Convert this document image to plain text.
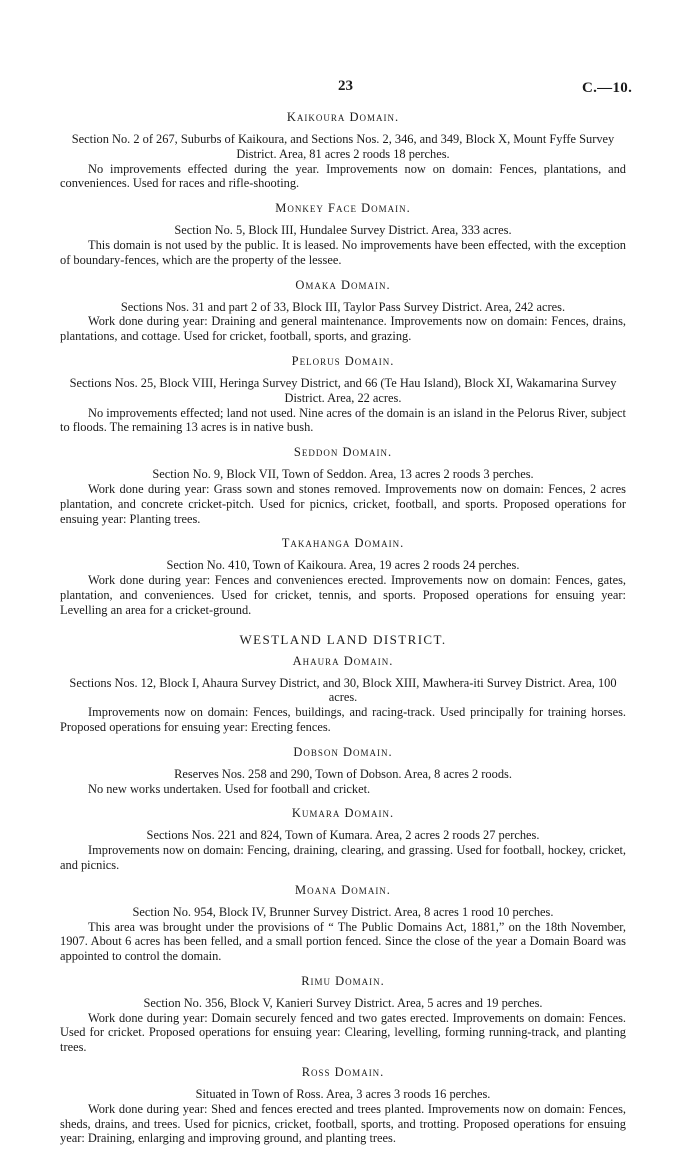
23	C.—10.
Kaikoura Domain.

Section No. 2 of 267, Suburbs of Kaikoura, and Sections Nos. 2, 346, and 349, Block X, Mount Fyffe Survey District. Area, 81 acres 2 roods 18 perches.

No improvements effected during the year. Improvements now on domain: Fences, plantations, and conveniences. Used for races and rifle-shooting.

Monkey Face Domain.

Section No. 5, Block III, Hundalee Survey District. Area, 333 acres.

This domain is not used by the public. It is leased. No improvements have been effected, with the exception of boundary-fences, which are the property of the lessee.

Omaka Domain.

Sections Nos. 31 and part 2 of 33, Block III, Taylor Pass Survey District. Area, 242 acres.

Work done during year: Draining and general maintenance. Improvements now on domain: Fences, drains, plantations, and cottage. Used for cricket, football, sports, and grazing.

Pelorus Domain.

Sections Nos. 25, Block VIII, Heringa Survey District, and 66 (Te Hau Island), Block XI, Wakamarina Survey District. Area, 22 acres.

No improvements effected; land not used. Nine acres of the domain is an island in the Pelorus River, subject to floods. The remaining 13 acres is in native bush.

Seddon Domain.

Section No. 9, Block VII, Town of Seddon. Area, 13 acres 2 roods 3 perches.

Work done during year: Grass sown and stones removed. Improvements now on domain: Fences, 2 acres plantation, and concrete cricket-pitch. Used for picnics, cricket, football, and sports. Proposed operations for ensuing year: Planting trees.

Takahanga Domain.

Section No. 410, Town of Kaikoura. Area, 19 acres 2 roods 24 perches.

Work done during year: Fences and conveniences erected. Improvements now on domain: Fences, gates, plantation, and conveniences. Used for cricket, tennis, and sports. Proposed operations for ensuing year: Levelling an area for a cricket-ground.

WESTLAND LAND DISTRICT.
Ahaura Domain.

Sections Nos. 12, Block I, Ahaura Survey District, and 30, Block XIII, Mawhera-iti Survey District. Area, 100 acres.

Improvements now on domain: Fences, buildings, and racing-track. Used principally for training horses. Proposed operations for ensuing year: Erecting fences.

Dobson Domain.

Reserves Nos. 258 and 290, Town of Dobson. Area, 8 acres 2 roods.

No new works undertaken. Used for football and cricket.

Kumara Domain.

Sections Nos. 221 and 824, Town of Kumara. Area, 2 acres 2 roods 27 perches.

Improvements now on domain: Fencing, draining, clearing, and grassing. Used for football, hockey, cricket, and picnics.

Moana Domain.

Section No. 954, Block IV, Brunner Survey District. Area, 8 acres 1 rood 10 perches.

This area was brought under the provisions of “ The Public Domains Act, 1881,” on the 18th November, 1907. About 6 acres has been felled, and a small portion fenced. Since the close of the year a Domain Board was appointed to control the domain.

Rimu Domain.

Section No. 356, Block V, Kanieri Survey District. Area, 5 acres and 19 perches.

Work done during year: Domain securely fenced and two gates erected. Improvements on domain: Fences. Used for cricket. Proposed operations for ensuing year: Clearing, levelling, forming running-track, and planting trees.

Ross Domain.

Situated in Town of Ross. Area, 3 acres 3 roods 16 perches.

Work done during year: Shed and fences erected and trees planted. Improvements now on domain: Fences, sheds, drains, and trees. Used for picnics, cricket, football, sports, and trotting. Proposed operations for ensuing year: Draining, enlarging and improving ground, and planting trees.
